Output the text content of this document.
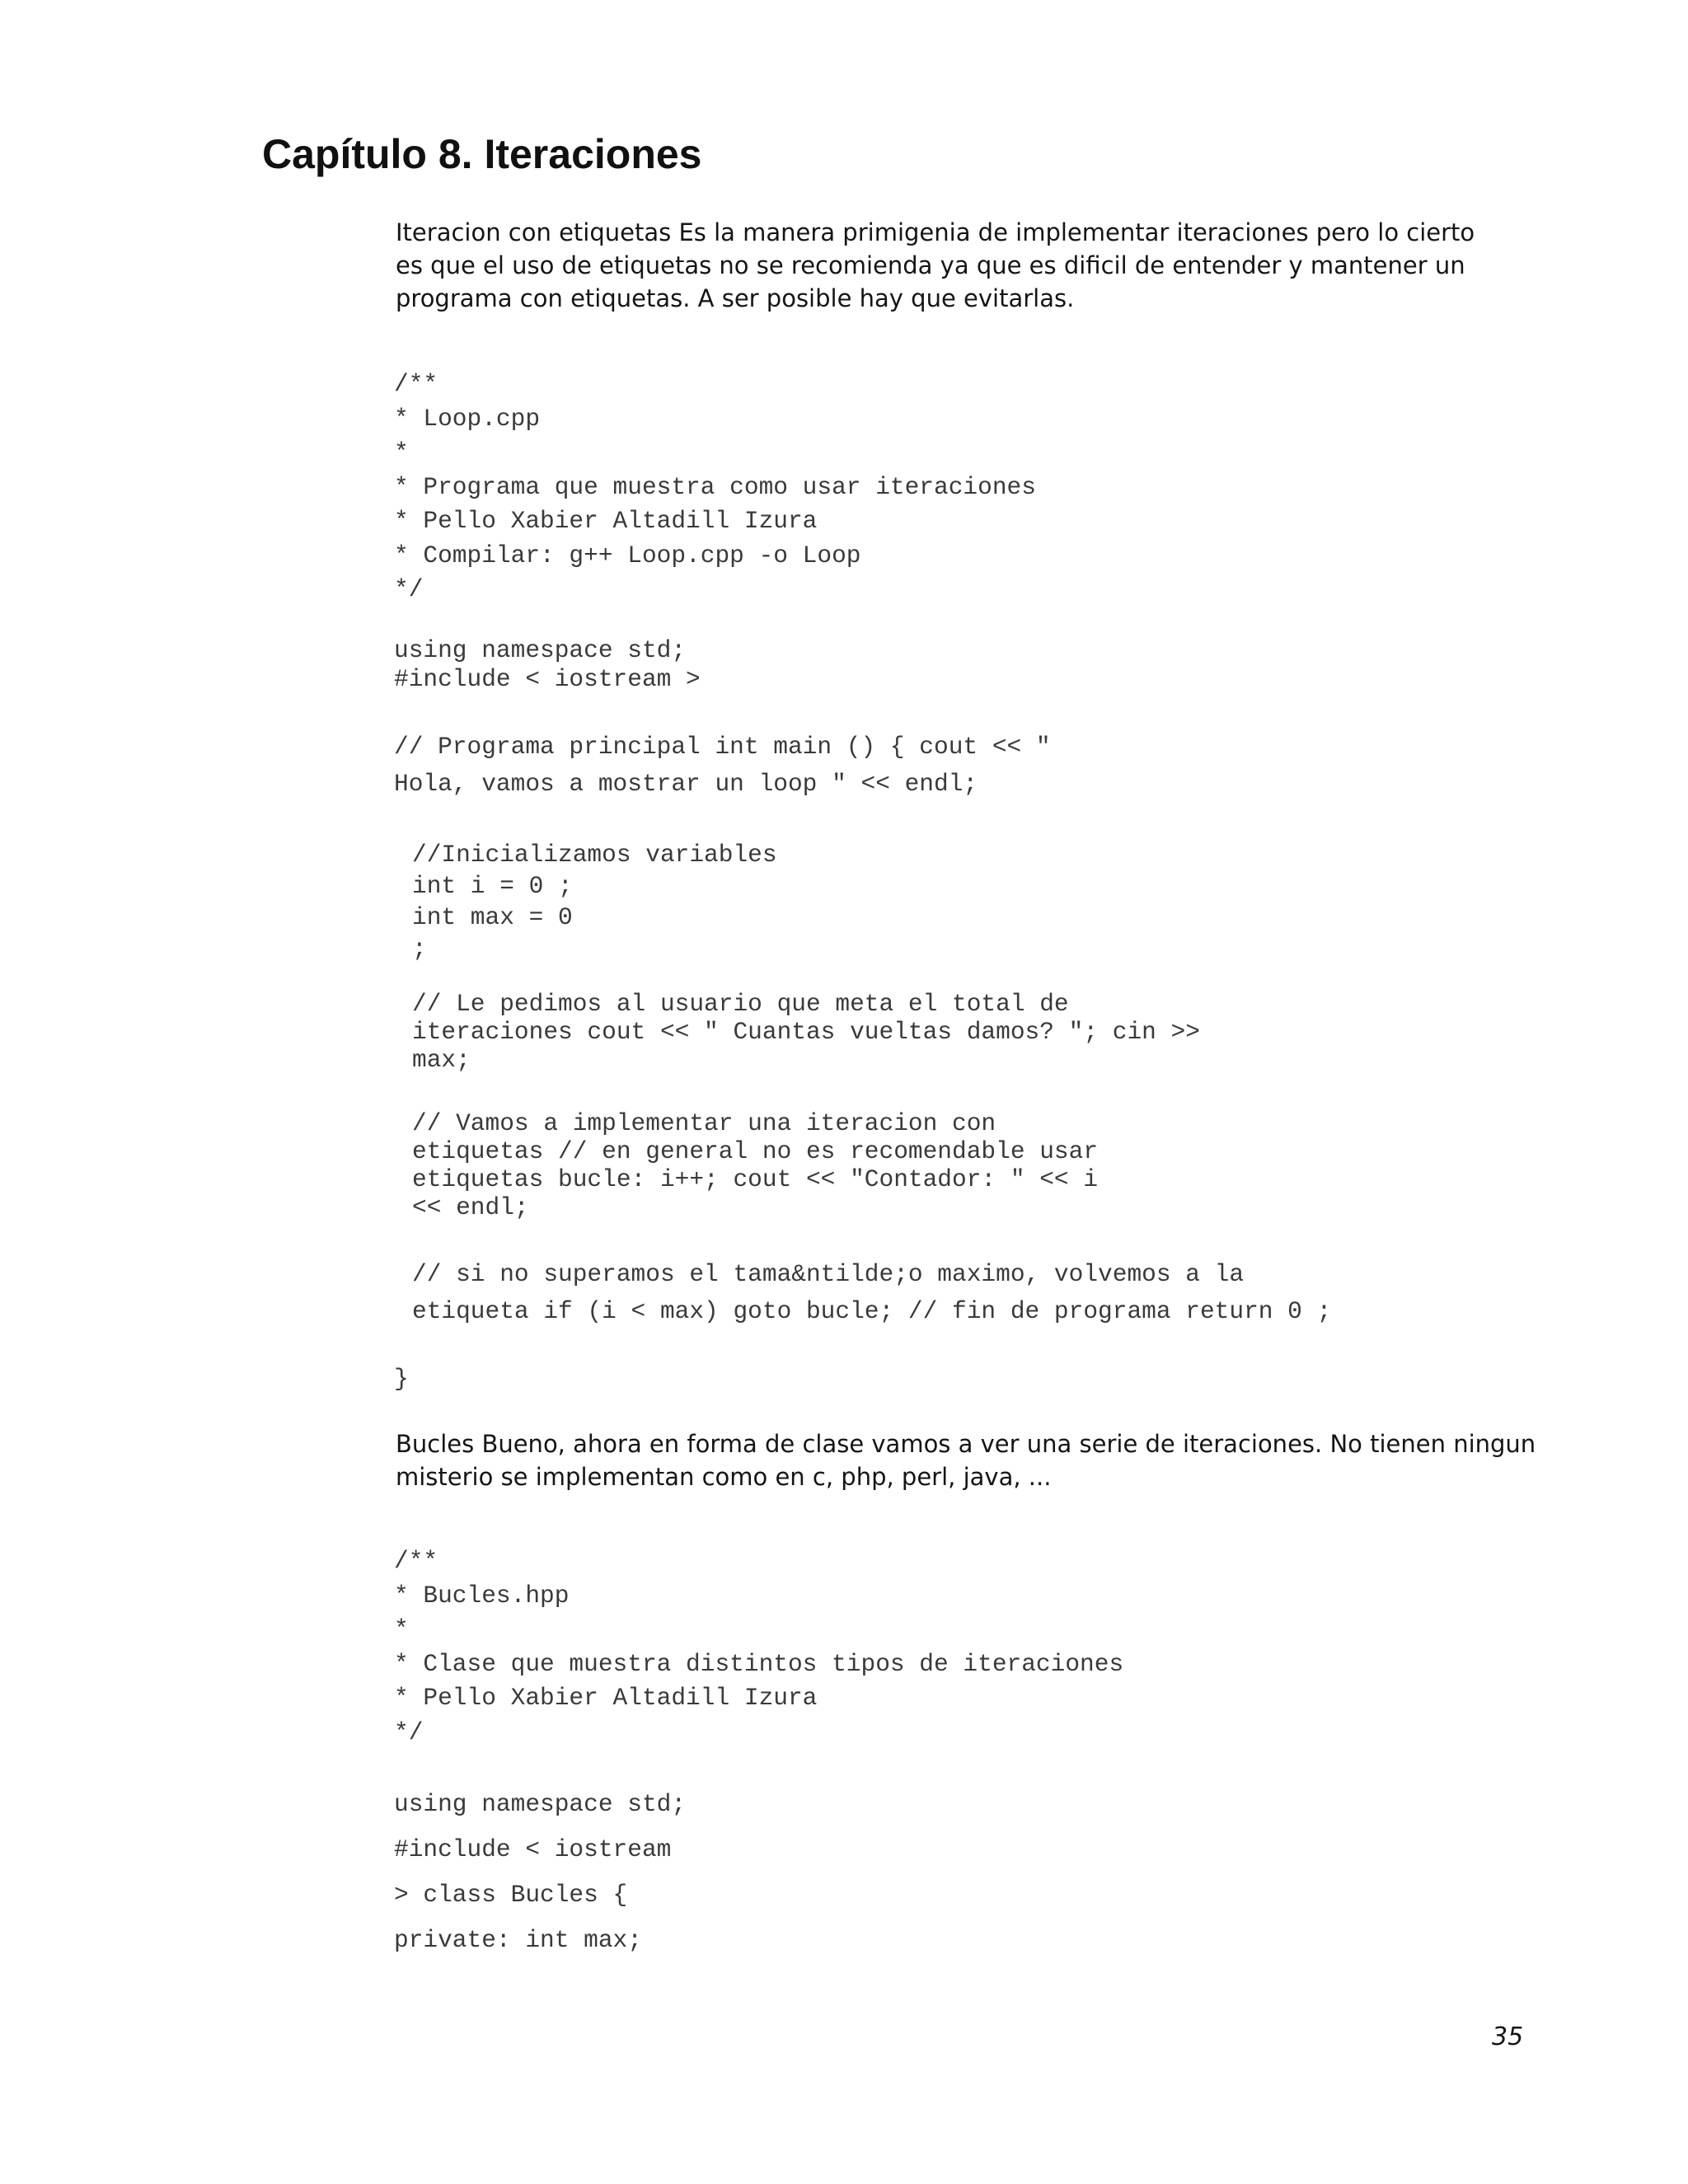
Capítulo 8. Iteraciones

Iteracion con etiquetas Es la manera primigenia de implementar iteraciones pero lo cierto

es que el uso de etiquetas no se recomienda ya que es dificil de entender y mantener un

programa con etiquetas. A ser posible hay que evitarlas.

/**
* Loop.cpp
*
* Programa que muestra como usar iteraciones
* Pello Xabier Altadill Izura
* Compilar: g++ Loop.cpp -o Loop
*/
using namespace std;
#include < iostream >
// Programa principal int main () { cout << "
Hola, vamos a mostrar un loop " << endl;
//Inicializamos variables
int i = 0 ;
int max = 0
;
// Le pedimos al usuario que meta el total de
iteraciones cout << " Cuantas vueltas damos? "; cin >>
max;
// Vamos a implementar una iteracion con
etiquetas // en general no es recomendable usar
etiquetas bucle: i++; cout << "Contador: " << i
<< endl;
// si no superamos el tama&ntilde;o maximo, volvemos a la
etiqueta if (i < max) goto bucle; // fin de programa return 0 ;
}

Bucles Bueno, ahora en forma de clase vamos a ver una serie de iteraciones. No tienen ningun

misterio se implementan como en c, php, perl, java, ...

/**
* Bucles.hpp
*
* Clase que muestra distintos tipos de iteraciones
* Pello Xabier Altadill Izura
*/
using namespace std;
#include < iostream
> class Bucles {
private: int max;

35
